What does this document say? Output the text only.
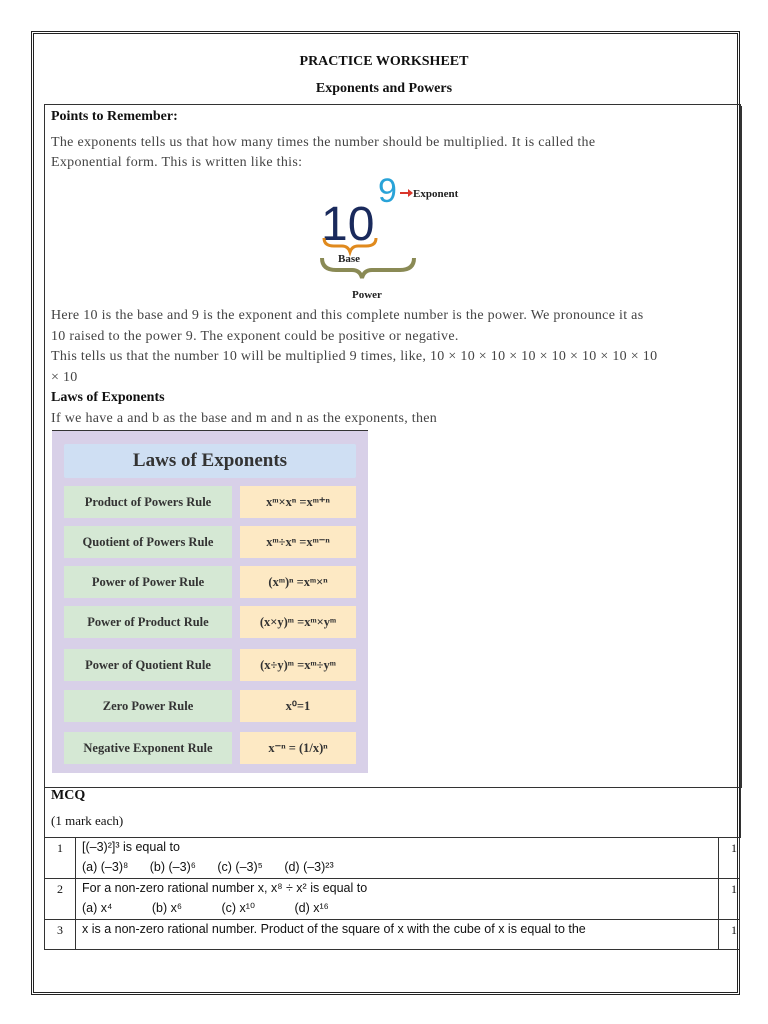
PRACTICE WORKSHEET
Exponents and Powers
Points to Remember:
The exponents tells us that how many times the number should be multiplied. It is called the
Exponential form. This is written like this:
10
9 Exponent
Base
Power
Here 10 is the base and 9 is the exponent and this complete number is the power. We pronounce it as
10 raised to the power 9. The exponent could be positive or negative.
This tells us that the number 10 will be multiplied 9 times, like, 10 × 10 × 10 × 10 × 10 × 10 × 10 × 10
× 10
Laws of Exponents
If we have a and b as the base and m and n as the exponents, then
Laws of Exponents
Product of Powers Rule	xᵐ×xⁿ =xᵐ⁺ⁿ
Quotient of Powers Rule	xᵐ÷xⁿ =xᵐ⁻ⁿ
Power of Power Rule	(xᵐ)ⁿ =xᵐ×ⁿ
Power of Product Rule	(x×y)ᵐ =xᵐ×yᵐ
Power of Quotient Rule	(x÷y)ᵐ =xᵐ÷yᵐ
Zero Power Rule	x⁰=1
Negative Exponent Rule	x⁻ⁿ = (1/x)ⁿ
MCQ
(1 mark each)
1	[(–3)²]³ is equal to
(a) (–3)⁸ (b) (–3)⁶ (c) (–3)⁵ (d) (–3)²³	1
2	For a non-zero rational number x, x⁸ ÷ x² is equal to
(a) x⁴ (b) x⁶ (c) x¹⁰ (d) x¹⁶	1
3	x is a non-zero rational number. Product of the square of x with the cube of x is equal to the	1
